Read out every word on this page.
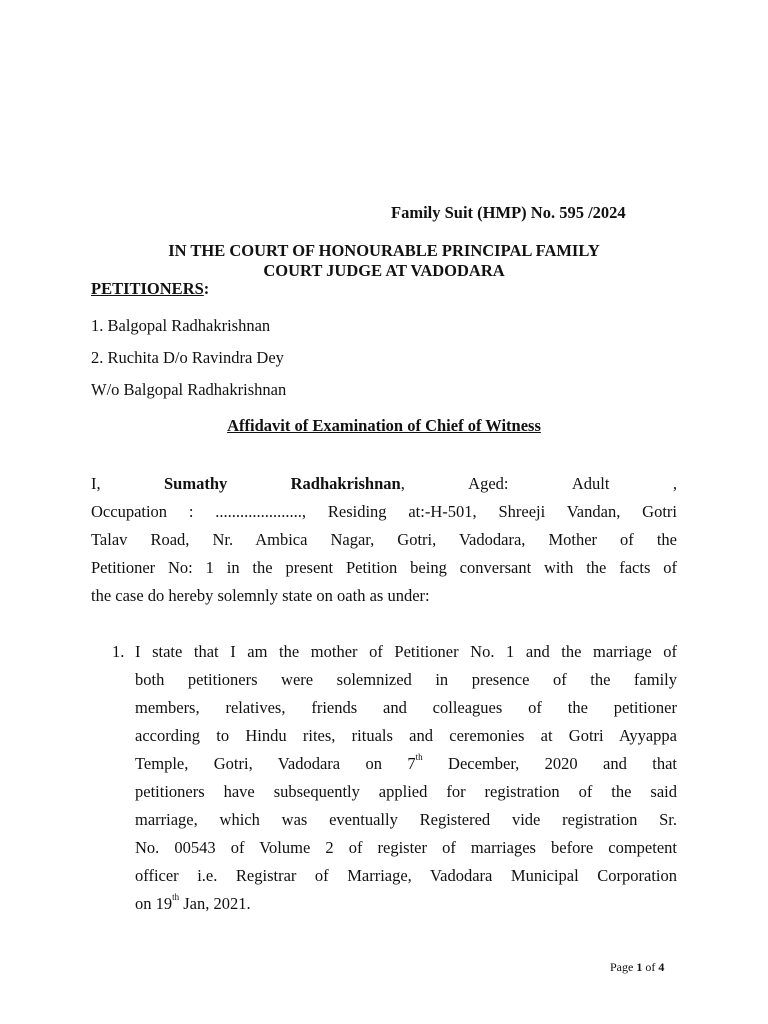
Family Suit (HMP) No. 595 /2024
IN THE COURT OF HONOURABLE PRINCIPAL FAMILY
COURT JUDGE AT VADODARA
PETITIONERS:
1. Balgopal Radhakrishnan
2. Ruchita D/o Ravindra Dey
W/o Balgopal Radhakrishnan
Affidavit of Examination of Chief of Witness
I,	Sumathy	Radhakrishnan,	Aged:	Adult	,
Occupation : ....................., Residing at:-H-501, Shreeji Vandan, Gotri
Talav Road, Nr. Ambica Nagar, Gotri, Vadodara, Mother of the
Petitioner No: 1 in the present Petition being conversant with the facts of
the case do hereby solemnly state on oath as under:
1. I state that I am the mother of Petitioner No. 1 and the marriage of
both petitioners were solemnized in presence of the family
members, relatives, friends and colleagues of the petitioner
according to Hindu rites, rituals and ceremonies at Gotri Ayyappa
Temple, Gotri, Vadodara on 7th December, 2020 and that
petitioners have subsequently applied for registration of the said
marriage, which was eventually Registered vide registration Sr.
No. 00543 of Volume 2 of register of marriages before competent
officer i.e. Registrar of Marriage, Vadodara Municipal Corporation
on 19th Jan, 2021.
Page 1 of 4
